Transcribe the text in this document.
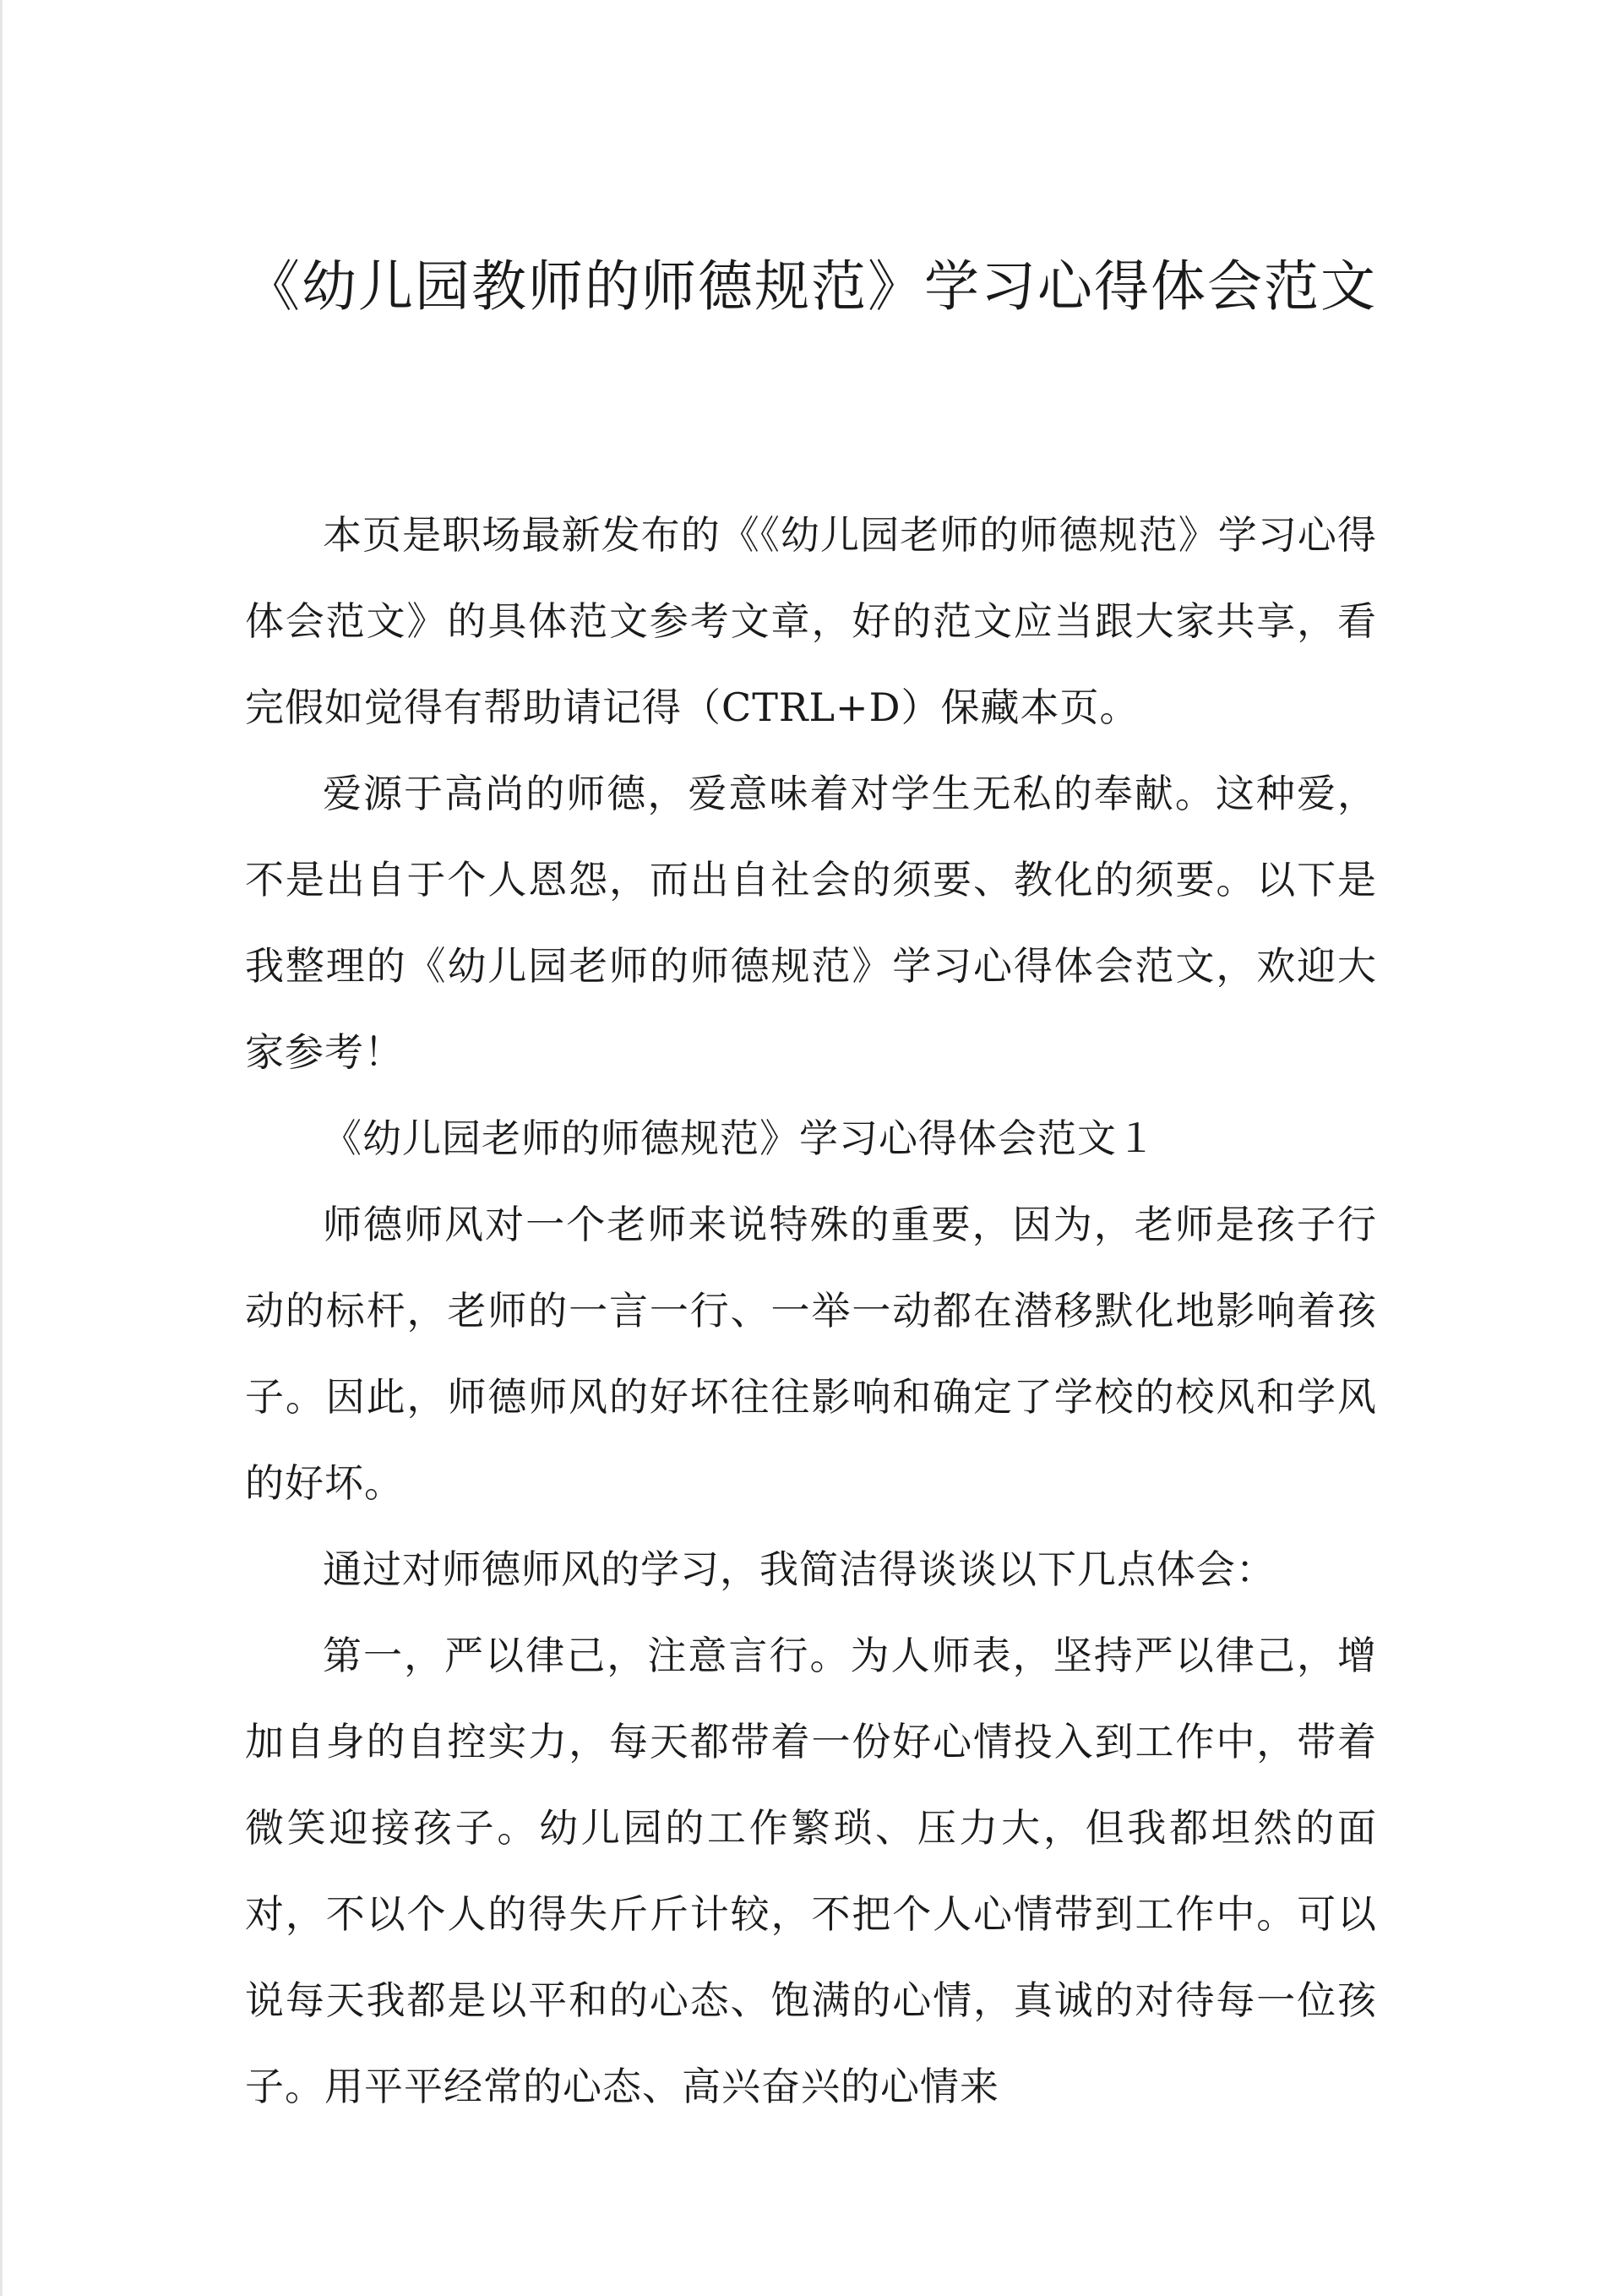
《幼儿园教师的师德规范》学习心得体会范文

本页是职场最新发布的《《幼儿园老师的师德规范》学习心得体会范文》的具体范文参考文章，好的范文应当跟大家共享，看完假如觉得有帮助请记得（CTRL+D）保藏本页。

爱源于高尚的师德，爱意味着对学生无私的奉献。这种爱，不是出自于个人恩怨，而出自社会的须要、教化的须要。以下是我整理的《幼儿园老师的师德规范》学习心得体会范文，欢迎大家参考！

《幼儿园老师的师德规范》学习心得体会范文１

师德师风对一个老师来说特殊的重要，因为，老师是孩子行动的标杆，老师的一言一行、一举一动都在潜移默化地影响着孩子。因此，师德师风的好坏往往影响和确定了学校的校风和学风的好坏。

通过对师德师风的学习，我简洁得谈谈以下几点体会：

第一，严以律己，注意言行。为人师表，坚持严以律己，增加自身的自控实力，每天都带着一份好心情投入到工作中，带着微笑迎接孩子。幼儿园的工作繁琐、压力大，但我都坦然的面对，不以个人的得失斤斤计较，不把个人心情带到工作中。可以说每天我都是以平和的心态、饱满的心情，真诚的对待每一位孩子。用平平经常的心态、高兴奋兴的心情来
